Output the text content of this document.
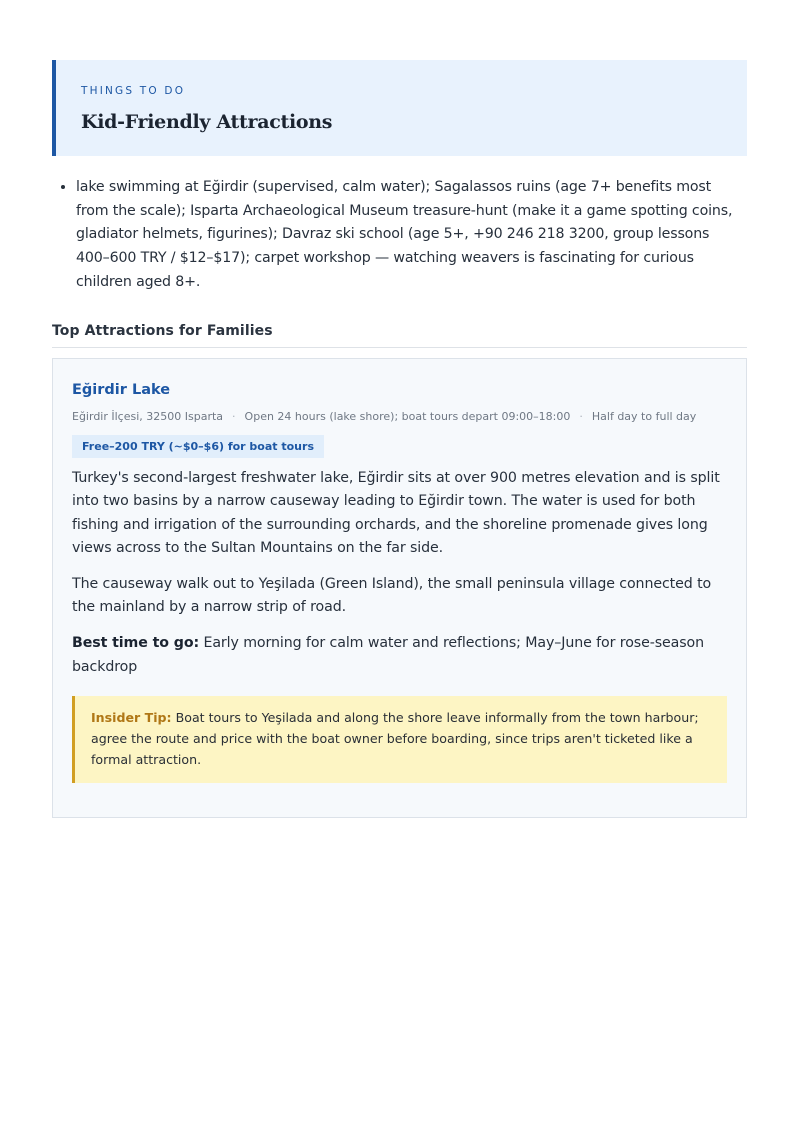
THINGS TO DO
Kid-Friendly Attractions
• lake swimming at Eğirdir (supervised, calm water); Sagalassos ruins (age 7+ benefits most from the scale); Isparta Archaeological Museum treasure-hunt (make it a game spotting coins, gladiator helmets, figurines); Davraz ski school (age 5+, +90 246 218 3200, group lessons 400–600 TRY / $12–$17); carpet workshop — watching weavers is fascinating for curious children aged 8+.
Top Attractions for Families
Eğirdir Lake
Eğirdir İlçesi, 32500 Isparta · Open 24 hours (lake shore); boat tours depart 09:00–18:00 · Half day to full day
Free–200 TRY (~$0–$6) for boat tours

Turkey's second-largest freshwater lake, Eğirdir sits at over 900 metres elevation and is split into two basins by a narrow causeway leading to Eğirdir town. The water is used for both fishing and irrigation of the surrounding orchards, and the shoreline promenade gives long views across to the Sultan Mountains on the far side.

The causeway walk out to Yeşilada (Green Island), the small peninsula village connected to the mainland by a narrow strip of road.

Best time to go: Early morning for calm water and reflections; May–June for rose-season backdrop

Insider Tip: Boat tours to Yeşilada and along the shore leave informally from the town harbour; agree the route and price with the boat owner before boarding, since trips aren't ticketed like a formal attraction.
